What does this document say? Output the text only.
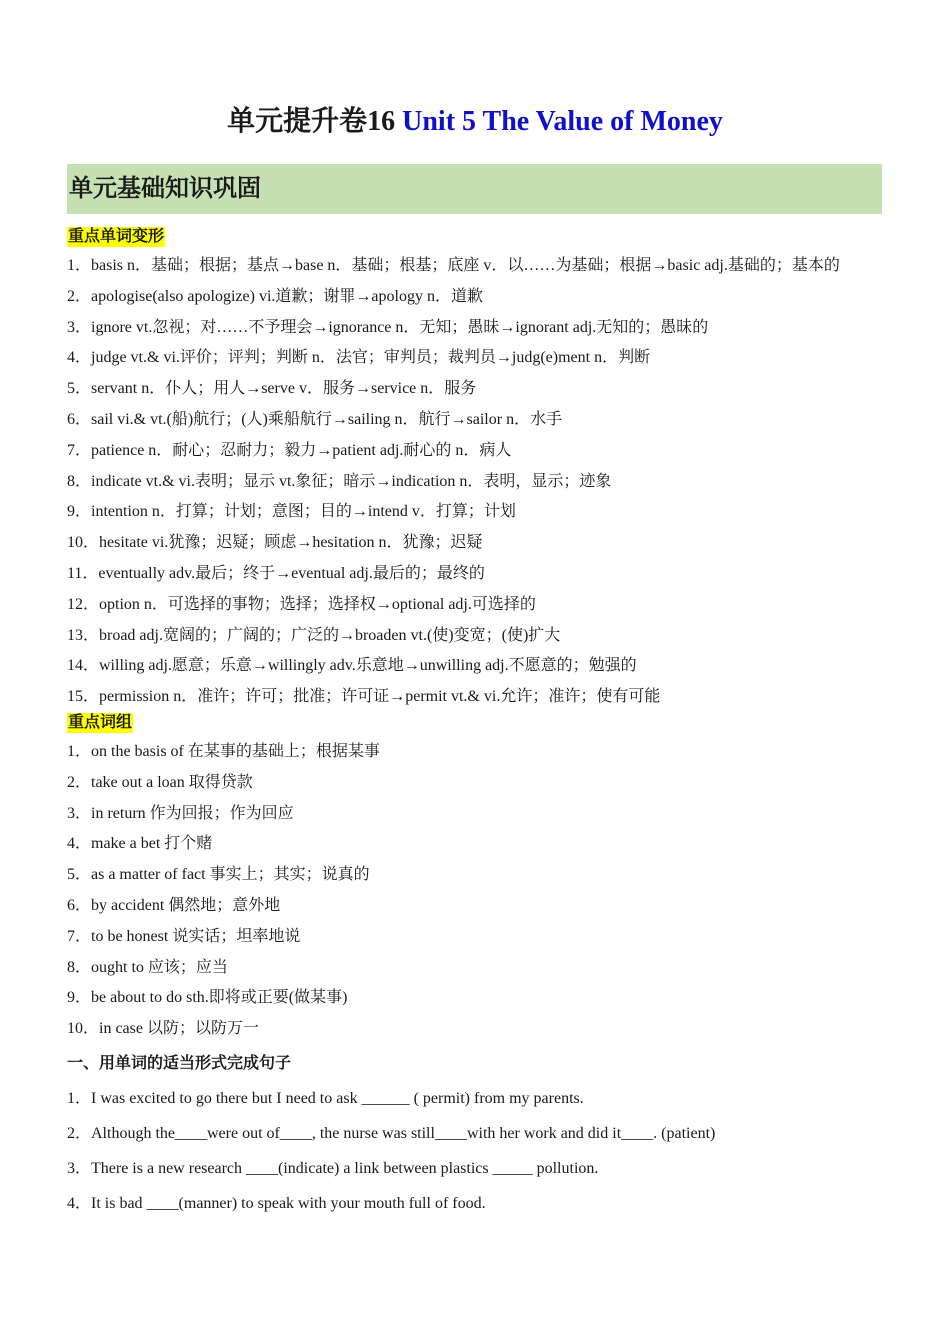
单元提升卷16 Unit 5 The Value of Money
单元基础知识巩固
重点单词变形
1．basis n．基础；根据；基点→base n．基础；根基；底座 v．以……为基础；根据→basic adj.基础的；基本的
2．apologise(also apologize) vi.道歉；谢罪→apology n．道歉
3．ignore vt.忽视；对……不予理会→ignorance n．无知；愚昧→ignorant adj.无知的；愚昧的
4．judge vt.& vi.评价；评判；判断 n．法官；审判员；裁判员→judg(e)ment n．判断
5．servant n．仆人；用人→serve v．服务→service n．服务
6．sail vi.& vt.(船)航行；(人)乘船航行→sailing n．航行→sailor n．水手
7．patience n．耐心；忍耐力；毅力→patient adj.耐心的 n．病人
8．indicate vt.& vi.表明；显示 vt.象征；暗示→indication n．表明，显示；迹象
9．intention n．打算；计划；意图；目的→intend v．打算；计划
10．hesitate vi.犹豫；迟疑；顾虑→hesitation n．犹豫；迟疑
11．eventually adv.最后；终于→eventual adj.最后的；最终的
12．option n．可选择的事物；选择；选择权→optional adj.可选择的
13．broad adj.宽阔的；广阔的；广泛的→broaden vt.(使)变宽；(使)扩大
14．willing adj.愿意；乐意→willingly adv.乐意地→unwilling adj.不愿意的；勉强的
15．permission n．准许；许可；批准；许可证→permit vt.& vi.允许；准许；使有可能
重点词组
1．on the basis of 在某事的基础上；根据某事
2．take out a loan 取得贷款
3．in return 作为回报；作为回应
4．make a bet 打个赌
5．as a matter of fact 事实上；其实；说真的
6．by accident 偶然地；意外地
7．to be honest 说实话；坦率地说
8．ought to 应该；应当
9．be about to do sth.即将或正要(做某事)
10．in case 以防；以防万一
一、用单词的适当形式完成句子
1．I was excited to go there but I need to ask ______ ( permit) from my parents.
2．Although the____were out of____, the nurse was still____with her work and did it____. (patient)
3．There is a new research ____(indicate) a link between plastics _____ pollution.
4．It is bad ____(manner) to speak with your mouth full of food.
